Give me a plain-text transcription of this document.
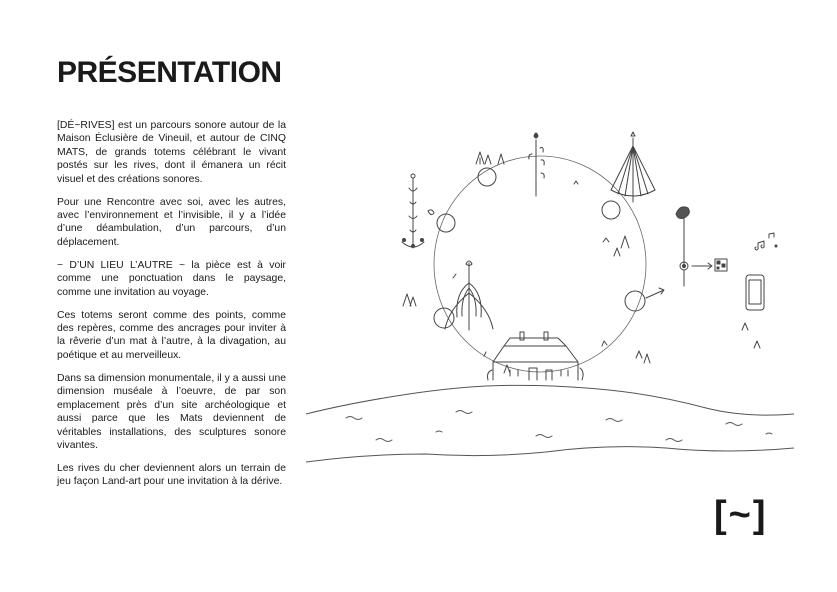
PRÉSENTATION

[DÉ~RIVES] est un parcours sonore autour de la Maison Éclusière de Vineuil, et autour de CINQ MATS, de grands totems célébrant le vivant postés sur les rives, dont il émanera un récit visuel et des créations sonores.

Pour une Rencontre avec soi, avec les autres, avec l’environnement et l’invisible, il y a l’idée d’une déambulation, d’un parcours, d’un déplacement.

~ D’UN LIEU L’AUTRE ~ la pièce est à voir comme une ponctuation dans le paysage, comme une invitation au voyage.

Ces totems seront comme des points, comme des repères, comme des ancrages pour inviter à la rêverie d’un mat à l’autre, à la divagation, au poétique et au merveilleux.

Dans sa dimension monumentale, il y a aussi une dimension muséale à l’oeuvre, de par son emplacement près d’un site archéologique et aussi parce que les Mats deviennent de véritables installations, des sculptures sonore vivantes.

Les rives du cher deviennent alors un terrain de jeu façon Land-art pour une invitation à la dérive.

[~]
